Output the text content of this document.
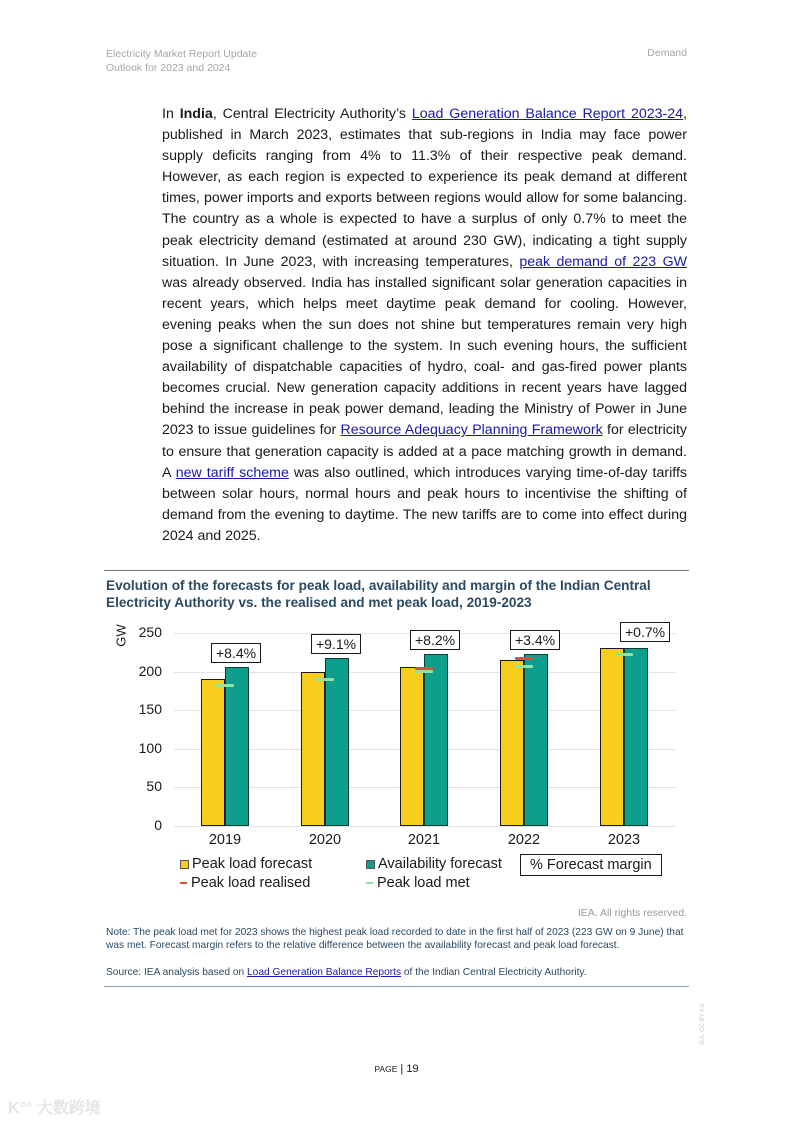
Electricity Market Report Update
Outlook for 2023 and 2024
Demand
In India, Central Electricity Authority’s Load Generation Balance Report 2023-24, published in March 2023, estimates that sub-regions in India may face power supply deficits ranging from 4% to 11.3% of their respective peak demand. However, as each region is expected to experience its peak demand at different times, power imports and exports between regions would allow for some balancing. The country as a whole is expected to have a surplus of only 0.7% to meet the peak electricity demand (estimated at around 230 GW), indicating a tight supply situation. In June 2023, with increasing temperatures, peak demand of 223 GW was already observed. India has installed significant solar generation capacities in recent years, which helps meet daytime peak demand for cooling. However, evening peaks when the sun does not shine but temperatures remain very high pose a significant challenge to the system. In such evening hours, the sufficient availability of dispatchable capacities of hydro, coal- and gas-fired power plants becomes crucial. New generation capacity additions in recent years have lagged behind the increase in peak power demand, leading the Ministry of Power in June 2023 to issue guidelines for Resource Adequacy Planning Framework for electricity to ensure that generation capacity is added at a pace matching growth in demand. A new tariff scheme was also outlined, which introduces varying time-of-day tariffs between solar hours, normal hours and peak hours to incentivise the shifting of demand from the evening to daytime. The new tariffs are to come into effect during 2024 and 2025.
Evolution of the forecasts for peak load, availability and margin of the Indian Central Electricity Authority vs. the realised and met peak load, 2019-2023
GW
0
50
100
150
200
250
+8.4%
2019
+9.1%
2020
+8.2%
2021
+3.4%
2022
+0.7%
2023
Peak load forecast	Availability forecast	% Forecast margin
Peak load realised	Peak load met
IEA. All rights reserved.
Note: The peak load met for 2023 shows the highest peak load recorded to date in the first half of 2023 (223 GW on 9 June) that was met. Forecast margin refers to the relative difference between the availability forecast and peak load forecast.
Source: IEA analysis based on Load Generation Balance Reports of the Indian Central Electricity Authority.
PAGE | 19
IEA. CC BY 4.0.
K°° 大数跨境
